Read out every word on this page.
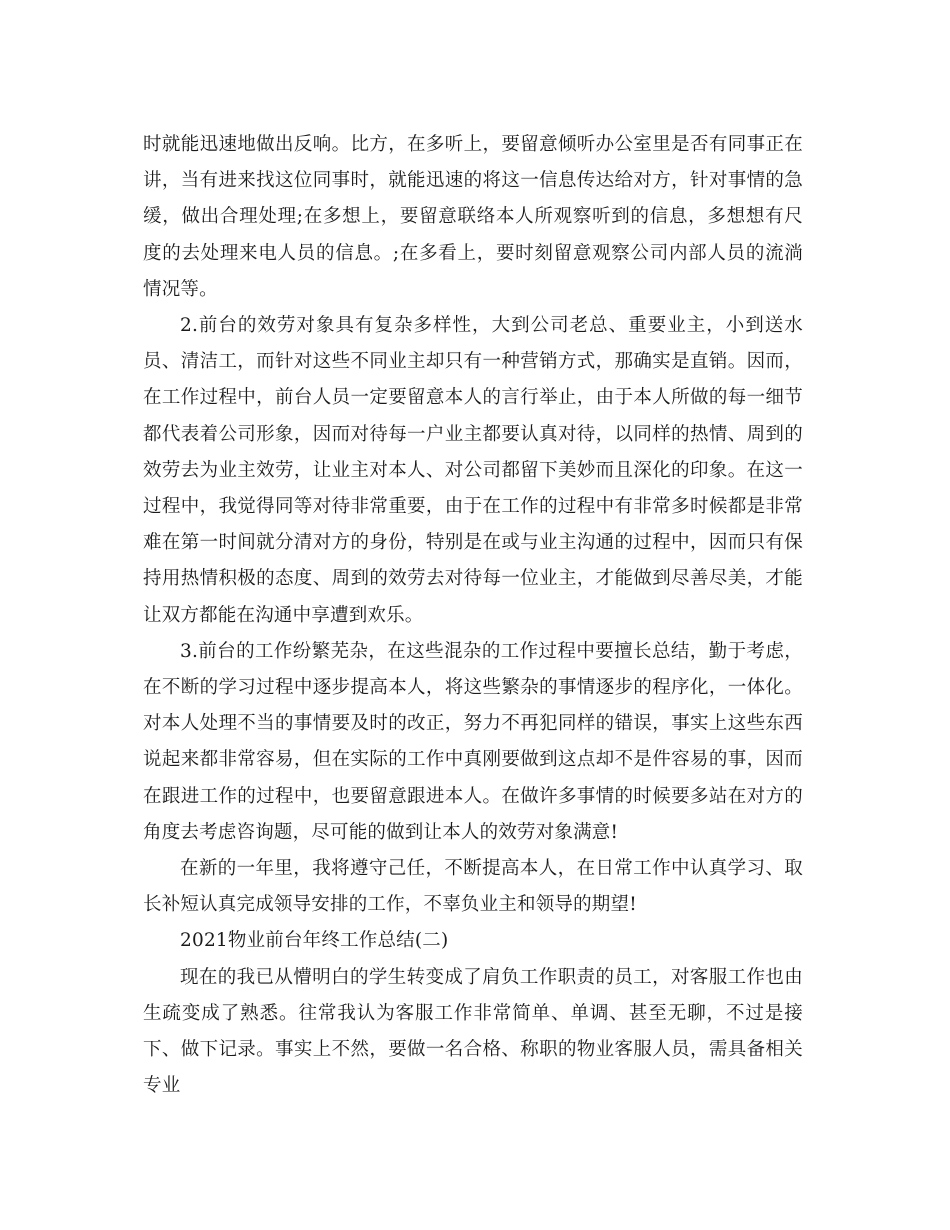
时就能迅速地做出反响。比方，在多听上，要留意倾听办公室里是否有同事正在讲，当有进来找这位同事时，就能迅速的将这一信息传达给对方，针对事情的急缓，做出合理处理;在多想上，要留意联络本人所观察听到的信息，多想想有尺度的去处理来电人员的信息。;在多看上，要时刻留意观察公司内部人员的流淌情况等。

2.前台的效劳对象具有复杂多样性，大到公司老总、重要业主，小到送水员、清洁工，而针对这些不同业主却只有一种营销方式，那确实是直销。因而，在工作过程中，前台人员一定要留意本人的言行举止，由于本人所做的每一细节都代表着公司形象，因而对待每一户业主都要认真对待，以同样的热情、周到的效劳去为业主效劳，让业主对本人、对公司都留下美妙而且深化的印象。在这一过程中，我觉得同等对待非常重要，由于在工作的过程中有非常多时候都是非常难在第一时间就分清对方的身份，特别是在或与业主沟通的过程中，因而只有保持用热情积极的态度、周到的效劳去对待每一位业主，才能做到尽善尽美，才能让双方都能在沟通中享遭到欢乐。

3.前台的工作纷繁芜杂，在这些混杂的工作过程中要擅长总结，勤于考虑，在不断的学习过程中逐步提高本人，将这些繁杂的事情逐步的程序化，一体化。对本人处理不当的事情要及时的改正，努力不再犯同样的错误，事实上这些东西说起来都非常容易，但在实际的工作中真刚要做到这点却不是件容易的事，因而在跟进工作的过程中，也要留意跟进本人。在做许多事情的时候要多站在对方的角度去考虑咨询题，尽可能的做到让本人的效劳对象满意!

在新的一年里，我将遵守己任，不断提高本人，在日常工作中认真学习、取长补短认真完成领导安排的工作，不辜负业主和领导的期望!

2021物业前台年终工作总结(二)

现在的我已从懵明白的学生转变成了肩负工作职责的员工，对客服工作也由生疏变成了熟悉。往常我认为客服工作非常简单、单调、甚至无聊，不过是接下、做下记录。事实上不然，要做一名合格、称职的物业客服人员，需具备相关专业
